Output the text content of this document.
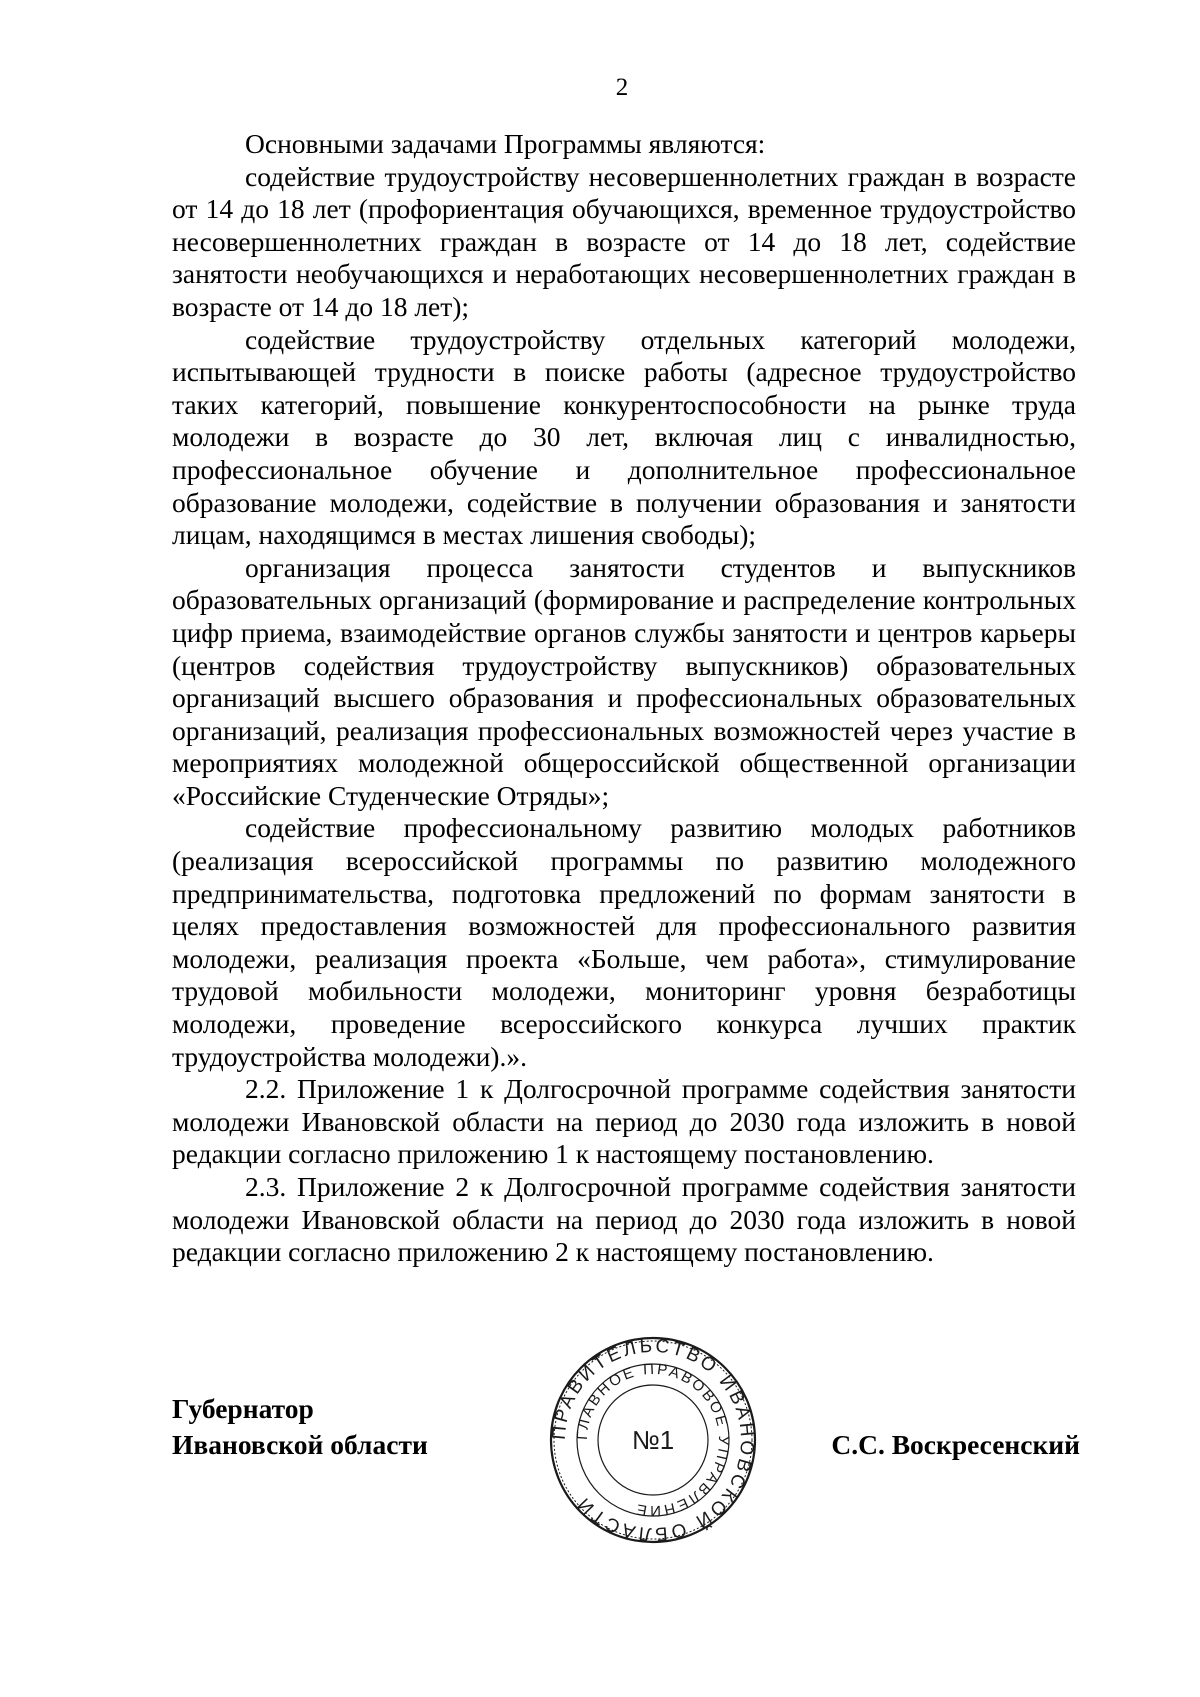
2

Основными задачами Программы являются:

содействие трудоустройству несовершеннолетних граждан в возрасте от 14 до 18 лет (профориентация обучающихся, временное трудоустройство несовершеннолетних граждан в возрасте от 14 до 18 лет, содействие занятости необучающихся и неработающих несовершеннолетних граждан в возрасте от 14 до 18 лет);

содействие трудоустройству отдельных категорий молодежи, испытывающей трудности в поиске работы (адресное трудоустройство таких категорий, повышение конкурентоспособности на рынке труда молодежи в возрасте до 30 лет, включая лиц с инвалидностью, профессиональное обучение и дополнительное профессиональное образование молодежи, содействие в получении образования и занятости лицам, находящимся в местах лишения свободы);

организация процесса занятости студентов и выпускников образовательных организаций (формирование и распределение контрольных цифр приема, взаимодействие органов службы занятости и центров карьеры (центров содействия трудоустройству выпускников) образовательных организаций высшего образования и профессиональных образовательных организаций, реализация профессиональных возможностей через участие в мероприятиях молодежной общероссийской общественной организации «Российские Студенческие Отряды»;

содействие профессиональному развитию молодых работников (реализация всероссийской программы по развитию молодежного предпринимательства, подготовка предложений по формам занятости в целях предоставления возможностей для профессионального развития молодежи, реализация проекта «Больше, чем работа», стимулирование трудовой мобильности молодежи, мониторинг уровня безработицы молодежи, проведение всероссийского конкурса лучших практик трудоустройства молодежи).».

2.2. Приложение 1 к Долгосрочной программе содействия занятости молодежи Ивановской области на период до 2030 года изложить в новой редакции согласно приложению 1 к настоящему постановлению.

2.3. Приложение 2 к Долгосрочной программе содействия занятости молодежи Ивановской области на период до 2030 года изложить в новой редакции согласно приложению 2 к настоящему постановлению.

Губернатор
Ивановской области	ПРАВИТЕЛЬСТВО ИВАНОВСКОЙ ОБЛАСТИ
ГЛАВНОЕ ПРАВОВОЕ УПРАВЛЕНИЕ
№1	С.С. Воскресенский
